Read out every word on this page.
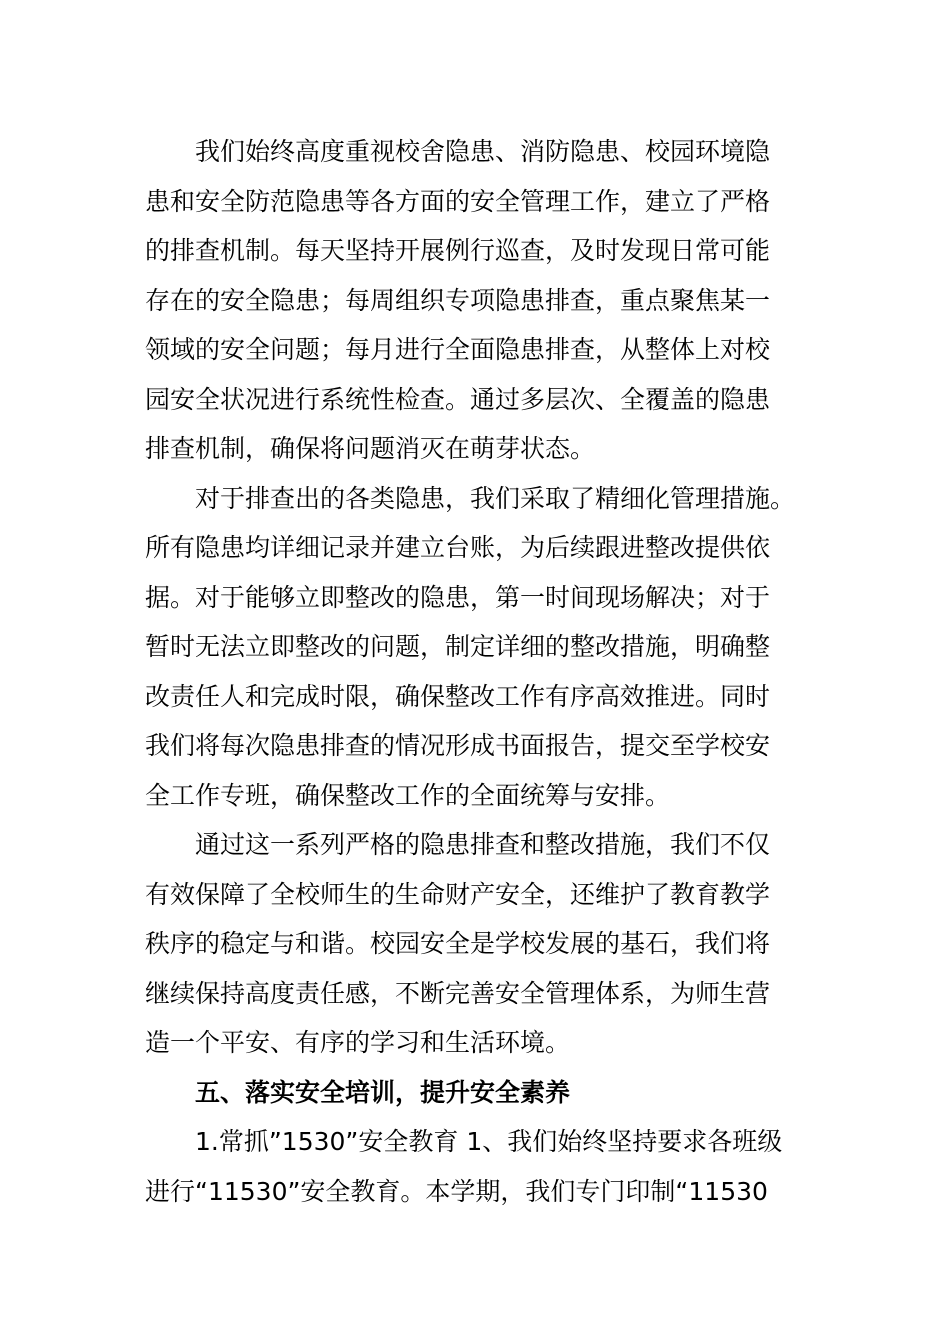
我们始终高度重视校舍隐患、消防隐患、校园环境隐
患和安全防范隐患等各方面的安全管理工作，建立了严格
的排查机制。每天坚持开展例行巡查，及时发现日常可能
存在的安全隐患；每周组织专项隐患排查，重点聚焦某一
领域的安全问题；每月进行全面隐患排查，从整体上对校
园安全状况进行系统性检查。通过多层次、全覆盖的隐患
排查机制，确保将问题消灭在萌芽状态。
对于排查出的各类隐患，我们采取了精细化管理措施。
所有隐患均详细记录并建立台账，为后续跟进整改提供依
据。对于能够立即整改的隐患，第一时间现场解决；对于
暂时无法立即整改的问题，制定详细的整改措施，明确整
改责任人和完成时限，确保整改工作有序高效推进。同时
我们将每次隐患排查的情况形成书面报告，提交至学校安
全工作专班，确保整改工作的全面统筹与安排。
通过这一系列严格的隐患排查和整改措施，我们不仅
有效保障了全校师生的生命财产安全，还维护了教育教学
秩序的稳定与和谐。校园安全是学校发展的基石，我们将
继续保持高度责任感，不断完善安全管理体系，为师生营
造一个平安、有序的学习和生活环境。
五、落实安全培训，提升安全素养
1.常抓”1530”安全教育 1、我们始终坚持要求各班级
进行“11530”安全教育。本学期，我们专门印制“11530
